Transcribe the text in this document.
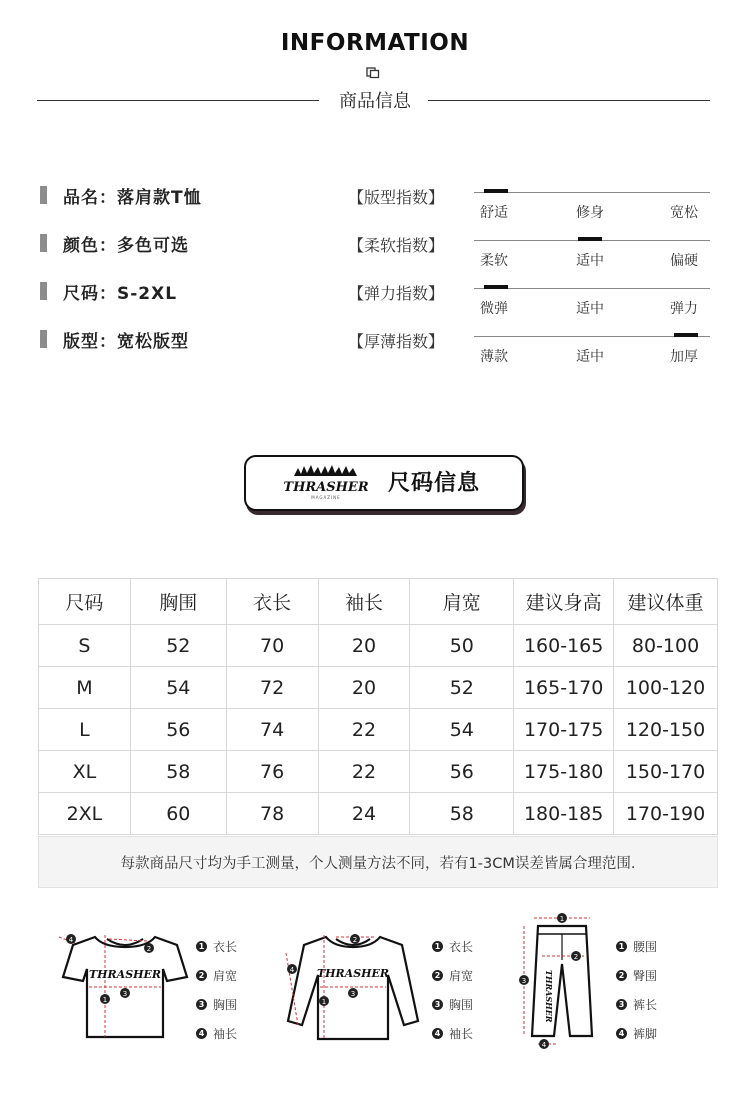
INFORMATION
商品信息
品名：落肩款T恤
颜色：多色可选
尺码：S-2XL
版型：宽松版型
【版型指数】
舒适	修身	宽松
【柔软指数】
柔软	适中	偏硬
【弹力指数】
微弹	适中	弹力
【厚薄指数】
薄款	适中	加厚
THRASHER
MAGAZINE
尺码信息
尺码	胸围	衣长	袖长	肩宽	建议身高	建议体重
S	52	70	20	50	160-165	80-100
M	54	72	20	52	165-170	100-120
L	56	74	22	54	170-175	120-150
XL	58	76	22	56	175-180	150-170
2XL	60	78	24	58	180-185	170-190
每款商品尺寸均为手工测量，个人测量方法不同，若有1-3CM误差皆属合理范围.
THRASHER
4
2
3
1
1 衣长
2 肩宽
3 胸围
4 袖长
THRASHER
4
2
3
1
1 衣长
2 肩宽
3 胸围
4 袖长
THRASHER
1
2
3
4
1 腰围
2 臀围
3 裤长
4 裤脚
